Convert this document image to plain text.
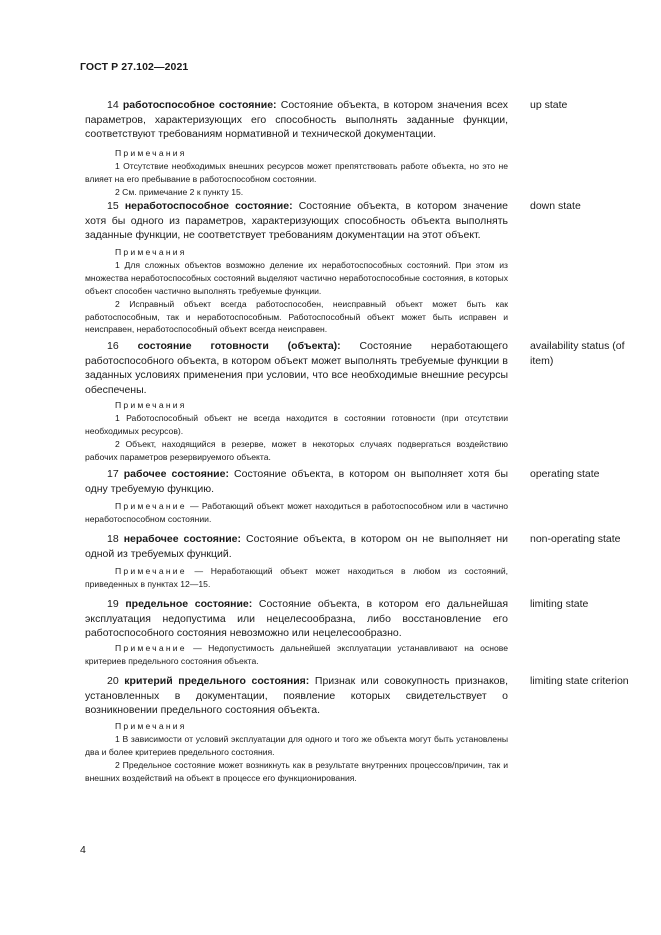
ГОСТ Р 27.102—2021
14 работоспособное состояние: Состояние объекта, в котором значения всех параметров, характеризующих его способность выполнять заданные функции, соответствуют требованиям нормативной и технической документации.
up state
Примечания
1 Отсутствие необходимых внешних ресурсов может препятствовать работе объекта, но это не влияет на его пребывание в работоспособном состоянии.
2 См. примечание 2 к пункту 15.
15 неработоспособное состояние: Состояние объекта, в котором значение хотя бы одного из параметров, характеризующих способность объекта выполнять заданные функции, не соответствует требованиям документации на этот объект.
down state
Примечания
1 Для сложных объектов возможно деление их неработоспособных состояний. При этом из множества неработоспособных состояний выделяют частично неработоспособные состояния, в которых объект способен частично выполнять требуемые функции.
2 Исправный объект всегда работоспособен, неисправный объект может быть как работоспособным, так и неработоспособным. Работоспособный объект может быть исправен и неисправен, неработоспособный объект всегда неисправен.
16 состояние готовности (объекта): Состояние неработающего работоспособного объекта, в котором объект может выполнять требуемые функции в заданных условиях применения при условии, что все необходимые внешние ресурсы обеспечены.
availability status (of item)
Примечания
1 Работоспособный объект не всегда находится в состоянии готовности (при отсутствии необходимых ресурсов).
2 Объект, находящийся в резерве, может в некоторых случаях подвергаться воздействию рабочих параметров резервируемого объекта.
17 рабочее состояние: Состояние объекта, в котором он выполняет хотя бы одну требуемую функцию.
operating state
Примечание — Работающий объект может находиться в работоспособном или в частично неработоспособном состоянии.
18 нерабочее состояние: Состояние объекта, в котором он не выполняет ни одной из требуемых функций.
non-operating state
Примечание — Неработающий объект может находиться в любом из состояний, приведенных в пунктах 12—15.
19 предельное состояние: Состояние объекта, в котором его дальнейшая эксплуатация недопустима или нецелесообразна, либо восстановление его работоспособного состояния невозможно или нецелесообразно.
limiting state
Примечание — Недопустимость дальнейшей эксплуатации устанавливают на основе критериев предельного состояния объекта.
20 критерий предельного состояния: Признак или совокупность признаков, установленных в документации, появление которых свидетельствует о возникновении предельного состояния объекта.
limiting state criterion
Примечания
1 В зависимости от условий эксплуатации для одного и того же объекта могут быть установлены два и более критериев предельного состояния.
2 Предельное состояние может возникнуть как в результате внутренних процессов/причин, так и внешних воздействий на объект в процессе его функционирования.
4
